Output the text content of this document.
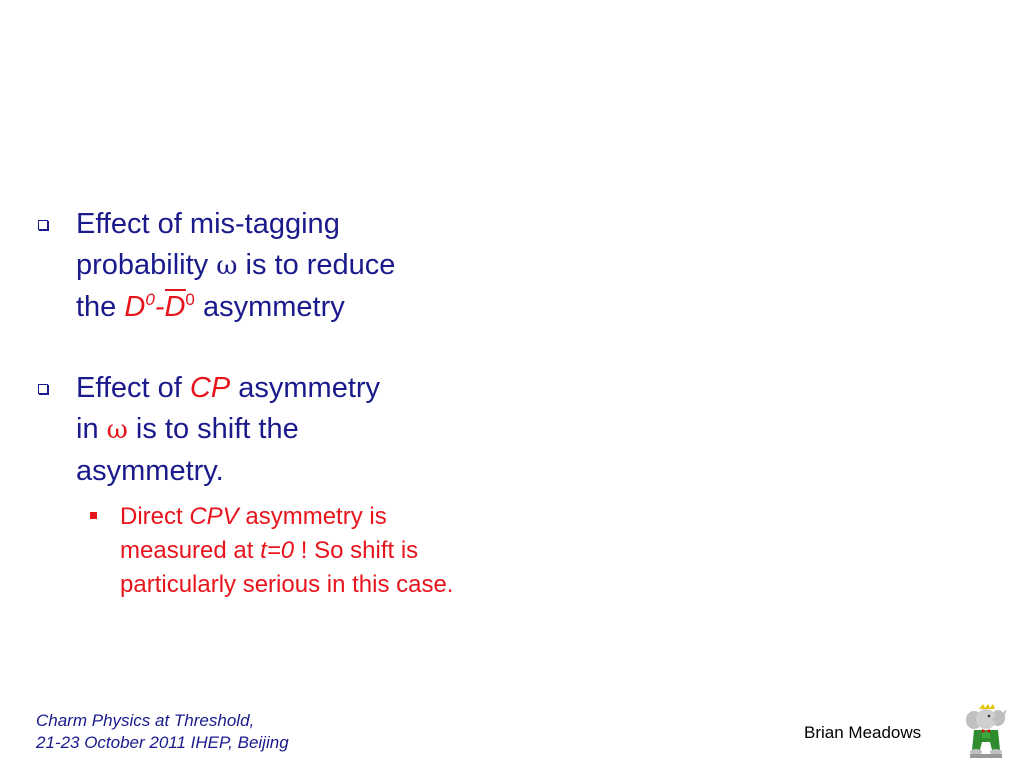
Effect of mis-tagging
probability ω is to reduce
the $D^0-D^0$ asymmetry
Effect of CP asymmetry
in ω is to shift the
asymmetry.
Direct CPV asymmetry is measured at t=0 ! So shift is particularly serious in this case.
Charm Physics at Threshold,
21-23 October 2011 IHEP, Beijing
Brian Meadows
